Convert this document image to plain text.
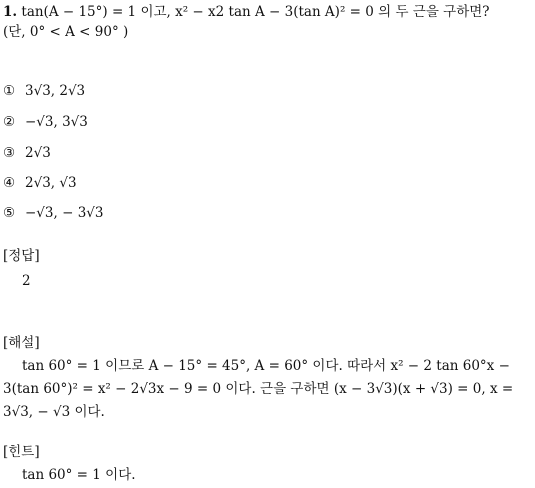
1. tan(A − 15°) = 1 이고, x² − x2 tan A − 3(tan A)² = 0 의 두 근을 구하면?
(단, 0° < A < 90° )
① 3√3, 2√3
② −√3, 3√3
③ 2√3
④ 2√3, √3
⑤ −√3, − 3√3
[정답]
2
[해설]
tan 60° = 1 이므로 A − 15° = 45°, A = 60° 이다. 따라서 x² − 2 tan 60°x −
3(tan 60°)² = x² − 2√3x − 9 = 0 이다. 근을 구하면 (x − 3√3)(x + √3) = 0, x =
3√3, − √3 이다.
[힌트]
tan 60° = 1 이다.
